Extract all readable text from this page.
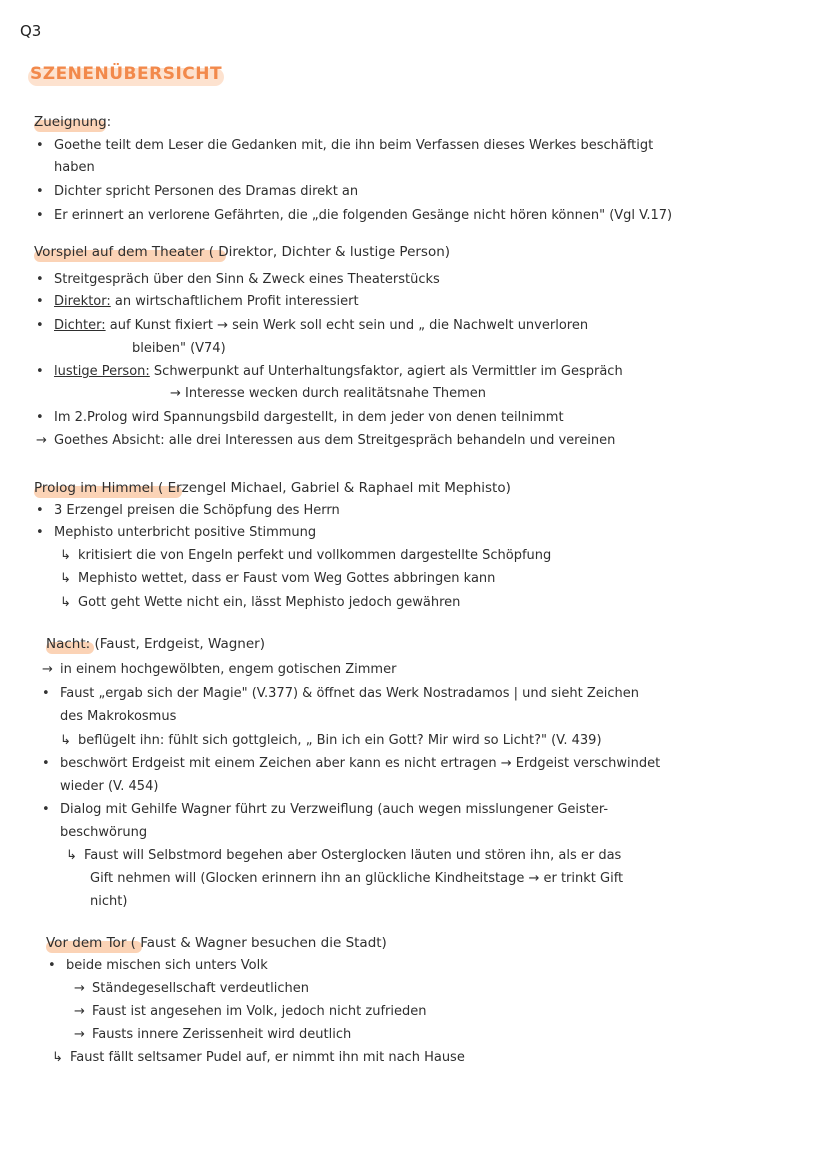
Q3
SZENENÜBERSICHT
Zueignung:
• Goethe teilt dem Leser die Gedanken mit, die ihn beim Verfassen dieses Werkes beschäftigt
haben
• Dichter spricht Personen des Dramas direkt an
• Er erinnert an verlorene Gefährten, die „die folgenden Gesänge nicht hören können" (Vgl V.17)
Vorspiel auf dem Theater ( Direktor, Dichter & lustige Person)
• Streitgespräch über den Sinn & Zweck eines Theaterstücks
• Direktor: an wirtschaftlichem Profit interessiert
• Dichter: auf Kunst fixiert → sein Werk soll echt sein und „ die Nachwelt unverloren
bleiben" (V74)
• lustige Person: Schwerpunkt auf Unterhaltungsfaktor, agiert als Vermittler im Gespräch
→ Interesse wecken durch realitätsnahe Themen
• Im 2.Prolog wird Spannungsbild dargestellt, in dem jeder von denen teilnimmt
→ Goethes Absicht: alle drei Interessen aus dem Streitgespräch behandeln und vereinen
Prolog im Himmel ( Erzengel Michael, Gabriel & Raphael mit Mephisto)
• 3 Erzengel preisen die Schöpfung des Herrn
• Mephisto unterbricht positive Stimmung
↳ kritisiert die von Engeln perfekt und vollkommen dargestellte Schöpfung
↳ Mephisto wettet, dass er Faust vom Weg Gottes abbringen kann
↳ Gott geht Wette nicht ein, lässt Mephisto jedoch gewähren
Nacht: (Faust, Erdgeist, Wagner)
→ in einem hochgewölbten, engem gotischen Zimmer
• Faust „ergab sich der Magie" (V.377) & öffnet das Werk Nostradamos | und sieht Zeichen
des Makrokosmus
↳ beflügelt ihn: fühlt sich gottgleich, „ Bin ich ein Gott? Mir wird so Licht?" (V. 439)
• beschwört Erdgeist mit einem Zeichen aber kann es nicht ertragen → Erdgeist verschwindet
wieder (V. 454)
• Dialog mit Gehilfe Wagner führt zu Verzweiflung (auch wegen misslungener Geister-
beschwörung
↳ Faust will Selbstmord begehen aber Osterglocken läuten und stören ihn, als er das
Gift nehmen will (Glocken erinnern ihn an glückliche Kindheitstage → er trinkt Gift
nicht)
Vor dem Tor ( Faust & Wagner besuchen die Stadt)
• beide mischen sich unters Volk
→ Ständegesellschaft verdeutlichen
→ Faust ist angesehen im Volk, jedoch nicht zufrieden
→ Fausts innere Zerissenheit wird deutlich
↳ Faust fällt seltsamer Pudel auf, er nimmt ihn mit nach Hause
